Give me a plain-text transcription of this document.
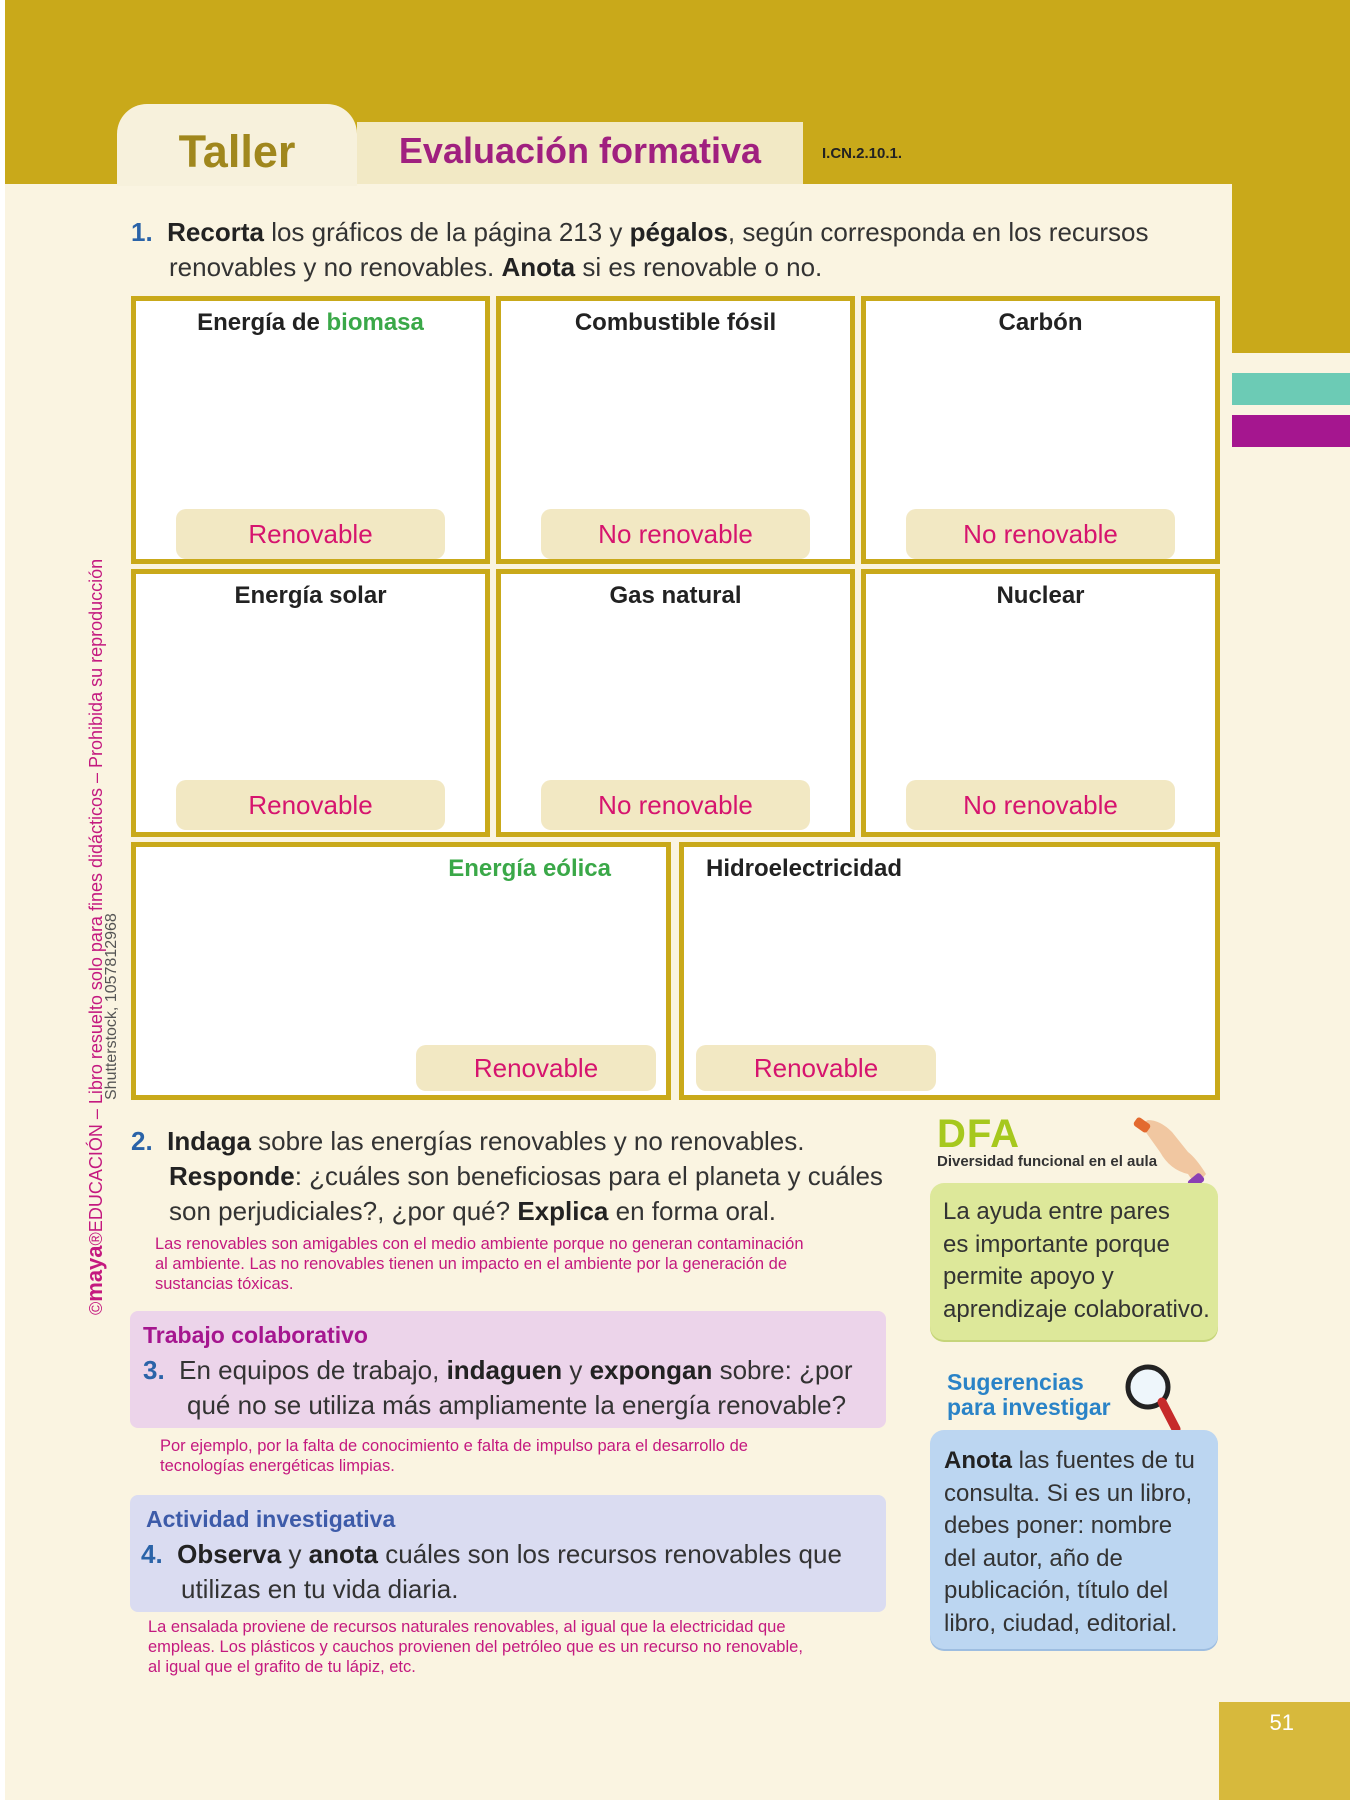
Taller	Evaluación formativa	I.CN.2.10.1.
©maya®EDUCACIÓN – Libro resuelto solo para fines didácticos – Prohibida su reproducción
Shutterstock, 1057812968
1. Recorta los gráficos de la página 213 y pégalos, según corresponda en los recursos
renovables y no renovables. Anota si es renovable o no.
Energía de biomasa
Renovable
Combustible fósil
No renovable
Carbón
No renovable
Energía solar
Renovable
Gas natural
No renovable
Nuclear
No renovable
Energía eólica
Renovable
Hidroelectricidad
Renovable
2. Indaga sobre las energías renovables y no renovables.
Responde: ¿cuáles son beneficiosas para el planeta y cuáles
son perjudiciales?, ¿por qué? Explica en forma oral.
Las renovables son amigables con el medio ambiente porque no generan contaminación
al ambiente. Las no renovables tienen un impacto en el ambiente por la generación de
sustancias tóxicas.
Trabajo colaborativo
3. En equipos de trabajo, indaguen y expongan sobre: ¿por
qué no se utiliza más ampliamente la energía renovable?
Por ejemplo, por la falta de conocimiento e falta de impulso para el desarrollo de
tecnologías energéticas limpias.
Actividad investigativa
4. Observa y anota cuáles son los recursos renovables que
utilizas en tu vida diaria.
La ensalada proviene de recursos naturales renovables, al igual que la electricidad que
empleas. Los plásticos y cauchos provienen del petróleo que es un recurso no renovable,
al igual que el grafito de tu lápiz, etc.
DFA
Diversidad funcional en el aula
La ayuda entre pares
es importante porque
permite apoyo y
aprendizaje colaborativo.
Sugerencias
para investigar
Anota las fuentes de tu
consulta. Si es un libro,
debes poner: nombre
del autor, año de
publicación, título del
libro, ciudad, editorial.
51
